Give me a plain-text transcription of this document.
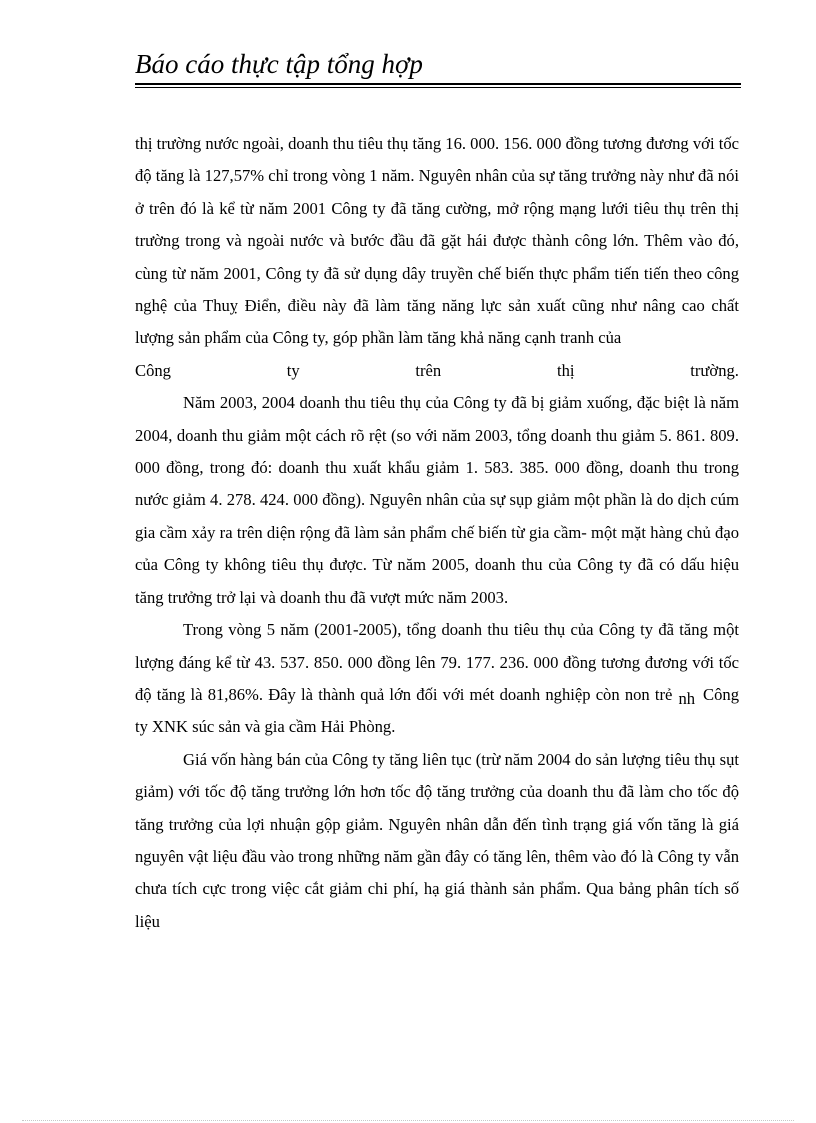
Báo cáo thực tập tổng hợp

thị trường nước ngoài, doanh thu tiêu thụ tăng 16. 000. 156. 000 đồng tương đương với tốc độ tăng là 127,57% chỉ trong vòng 1 năm. Nguyên nhân của sự tăng trưởng này như đã nói ở trên đó là kể từ năm 2001 Công ty đã tăng cường, mở rộng mạng lưới tiêu thụ trên thị trường trong và ngoài nước và bước đầu đã gặt hái được thành công lớn. Thêm vào đó, cùng từ năm 2001, Công ty đã sử dụng dây truyền chế biến thực phẩm tiến tiến theo công nghệ của Thuỵ Điển, điều này đã làm tăng năng lực sản xuất cũng như nâng cao chất lượng sản phẩm của Công ty, góp phần làm tăng khả năng cạnh tranh của

Công	ty	trên	thị	trường.

Năm 2003, 2004 doanh thu tiêu thụ của Công ty đã bị giảm xuống, đặc biệt là năm 2004, doanh thu giảm một cách rõ rệt (so với năm 2003, tổng doanh thu giảm 5. 861. 809. 000 đồng, trong đó: doanh thu xuất khẩu giảm 1. 583. 385. 000 đồng, doanh thu trong nước giảm 4. 278. 424. 000 đồng). Nguyên nhân của sự sụp giảm một phần là do dịch cúm gia cầm xảy ra trên diện rộng đã làm sản phẩm chế biến từ gia cầm- một mặt hàng chủ đạo của Công ty không tiêu thụ được. Từ năm 2005, doanh thu của Công ty đã có dấu hiệu tăng trưởng trở lại và doanh thu đã vượt mức năm 2003.

Trong vòng 5 năm (2001-2005), tổng doanh thu tiêu thụ của Công ty đã tăng một lượng đáng kể từ 43. 537. 850. 000 đồng lên 79. 177. 236. 000 đồng tương đương với tốc độ tăng là 81,86%. Đây là thành quả lớn đối với mét doanh nghiệp còn non trẻ nh Công ty XNK súc sản và gia cầm Hải Phòng.

Giá vốn hàng bán của Công ty tăng liên tục (trừ năm 2004 do sản lượng tiêu thụ sụt giảm) với tốc độ tăng trưởng lớn hơn tốc độ tăng trưởng của doanh thu đã làm cho tốc độ tăng trưởng của lợi nhuận gộp giảm. Nguyên nhân dẫn đến tình trạng giá vốn tăng là giá nguyên vật liệu đầu vào trong những năm gần đây có tăng lên, thêm vào đó là Công ty vẫn chưa tích cực trong việc cắt giảm chi phí, hạ giá thành sản phẩm. Qua bảng phân tích số liệu
